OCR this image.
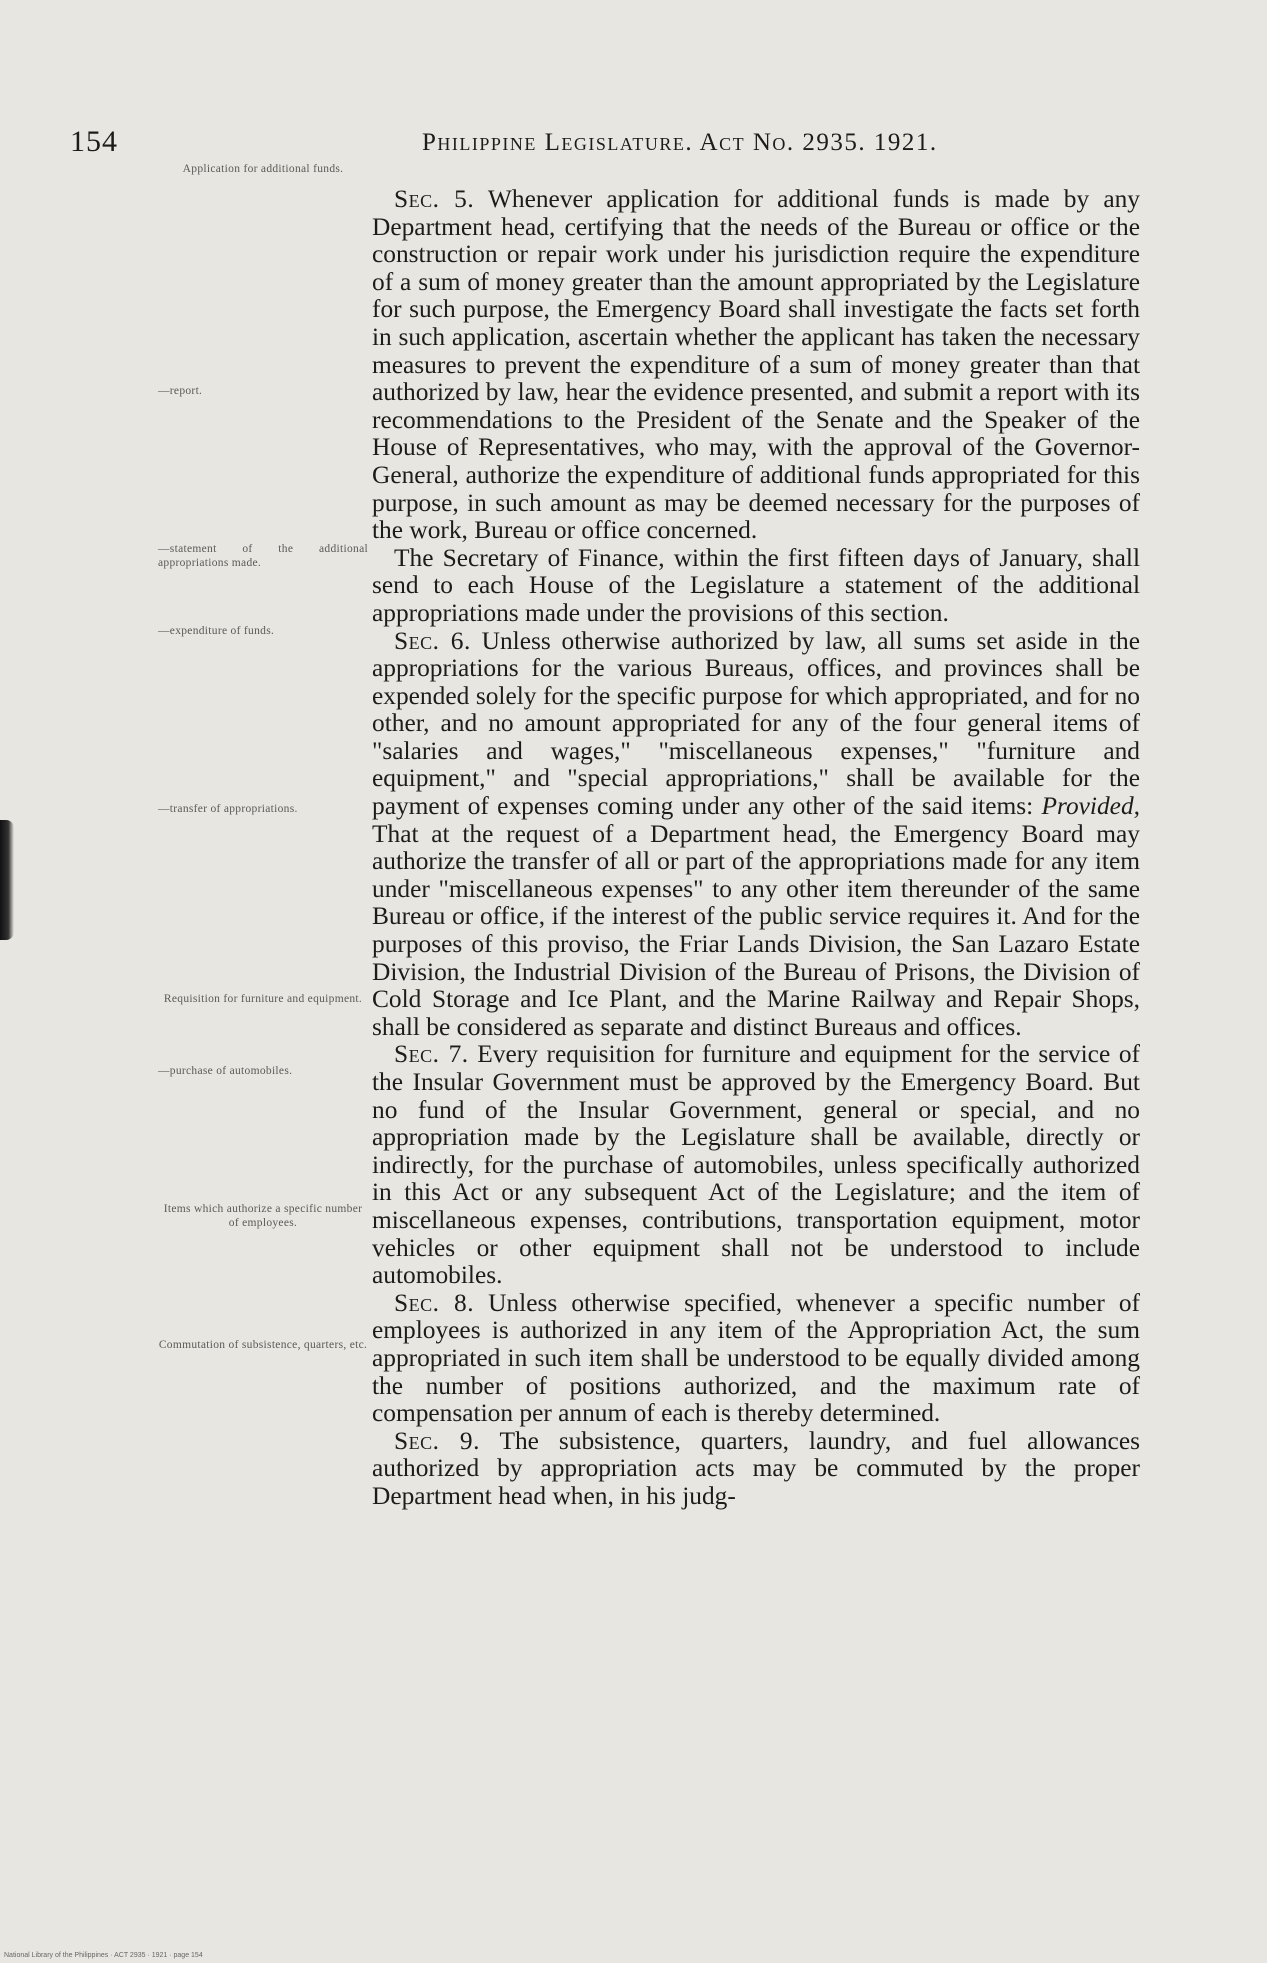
154	Philippine Legislature. Act No. 2935. 1921.
Application for additional funds.
—report.
—statement of the additional appropriations made.
—expenditure of funds.
—transfer of appropriations.
Requisition for furniture and equipment.
—purchase of automobiles.
Items which authorize a specific number of employees.
Commutation of subsistence, quarters, etc.

Sec. 5. Whenever application for additional funds is made by any Department head, certifying that the needs of the Bureau or office or the construction or repair work under his jurisdiction require the expenditure of a sum of money greater than the amount appropriated by the Legislature for such purpose, the Emergency Board shall investigate the facts set forth in such application, ascertain whether the applicant has taken the necessary measures to prevent the expenditure of a sum of money greater than that authorized by law, hear the evidence presented, and submit a report with its recommendations to the President of the Senate and the Speaker of the House of Representatives, who may, with the approval of the Governor-General, authorize the expenditure of additional funds appropriated for this purpose, in such amount as may be deemed necessary for the purposes of the work, Bureau or office concerned.

The Secretary of Finance, within the first fifteen days of January, shall send to each House of the Legislature a statement of the additional appropriations made under the provisions of this section.

Sec. 6. Unless otherwise authorized by law, all sums set aside in the appropriations for the various Bureaus, offices, and provinces shall be expended solely for the specific purpose for which appropriated, and for no other, and no amount appropriated for any of the four general items of "salaries and wages," "miscellaneous expenses," "furniture and equipment," and "special appropriations," shall be available for the payment of expenses coming under any other of the said items: Provided, That at the request of a Department head, the Emergency Board may authorize the transfer of all or part of the appropriations made for any item under "miscellaneous expenses" to any other item thereunder of the same Bureau or office, if the interest of the public service requires it. And for the purposes of this proviso, the Friar Lands Division, the San Lazaro Estate Division, the Industrial Division of the Bureau of Prisons, the Division of Cold Storage and Ice Plant, and the Marine Railway and Repair Shops, shall be considered as separate and distinct Bureaus and offices.

Sec. 7. Every requisition for furniture and equipment for the service of the Insular Government must be approved by the Emergency Board. But no fund of the Insular Government, general or special, and no appropriation made by the Legislature shall be available, directly or indirectly, for the purchase of automobiles, unless specifically authorized in this Act or any subsequent Act of the Legislature; and the item of miscellaneous expenses, contributions, transportation equipment, motor vehicles or other equipment shall not be understood to include automobiles.

Sec. 8. Unless otherwise specified, whenever a specific number of employees is authorized in any item of the Appropriation Act, the sum appropriated in such item shall be understood to be equally divided among the number of positions authorized, and the maximum rate of compensation per annum of each is thereby determined.

Sec. 9. The subsistence, quarters, laundry, and fuel allowances authorized by appropriation acts may be commuted by the proper Department head when, in his judg-

National Library of the Philippines · ACT 2935 · 1921 · page 154
